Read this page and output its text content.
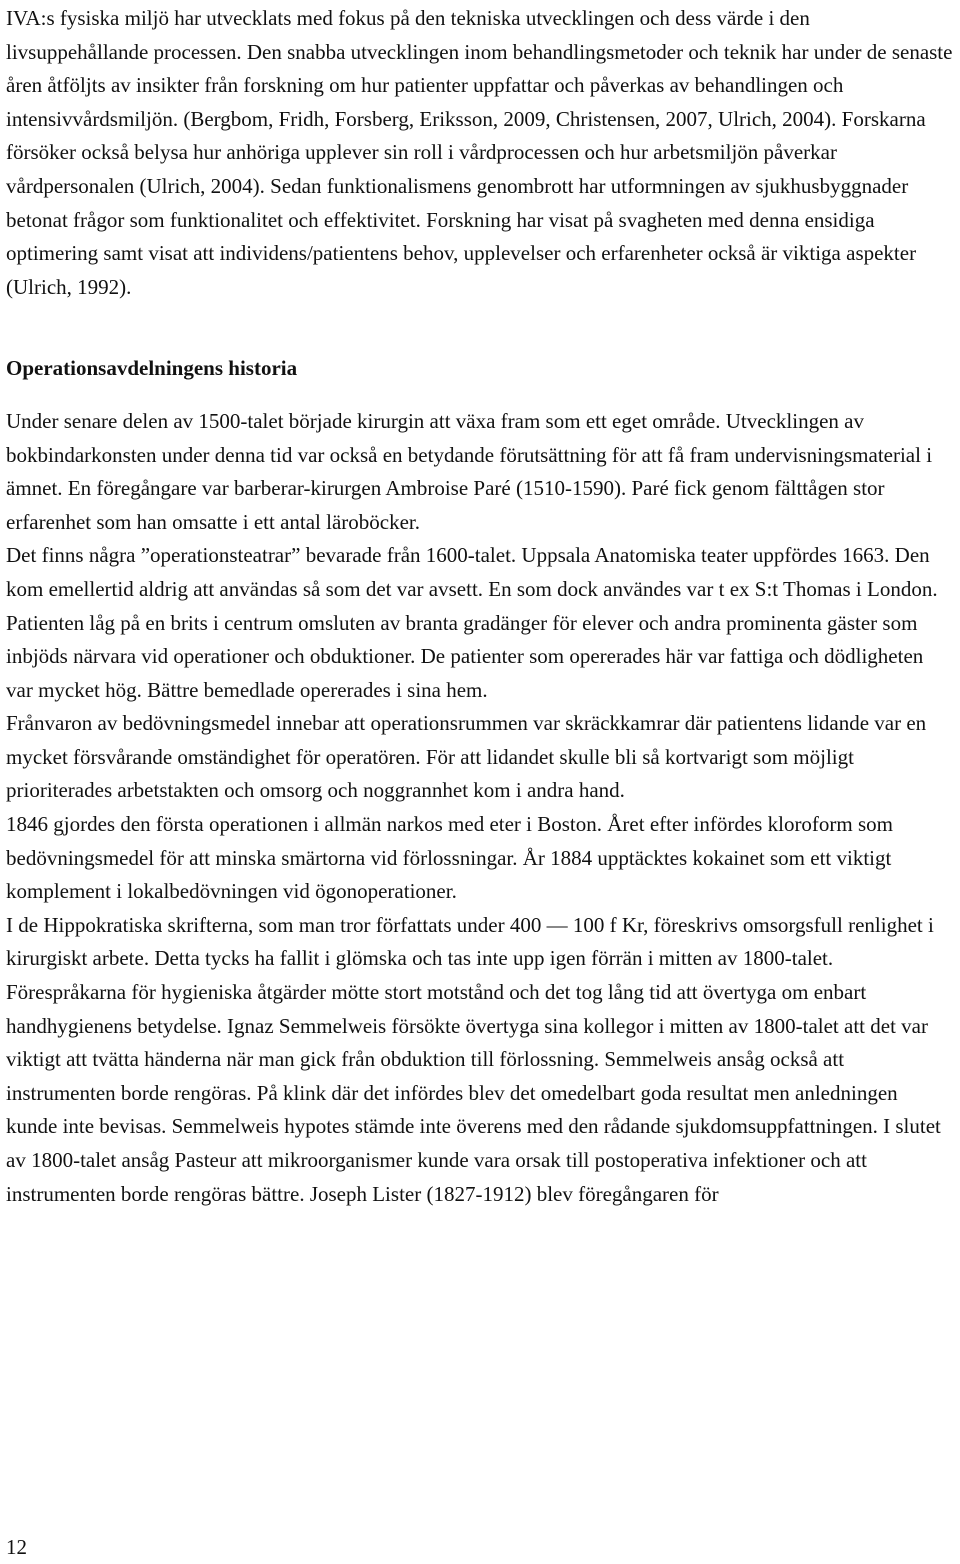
IVA:s fysiska miljö har utvecklats med fokus på den tekniska utvecklingen och dess värde i den livsuppehållande processen. Den snabba utvecklingen inom behandlingsmetoder och teknik har under de senaste åren åtföljts av insikter från forskning om hur patienter uppfattar och påverkas av behandlingen och intensivvårdsmiljön. (Bergbom, Fridh, Forsberg, Eriksson, 2009, Christensen, 2007, Ulrich, 2004). Forskarna försöker också belysa hur anhöriga upplever sin roll i vårdprocessen och hur arbetsmiljön påverkar vårdpersonalen (Ulrich, 2004). Sedan funktionalismens genombrott har utformningen av sjukhusbyggnader betonat frågor som funktionalitet och effektivitet. Forskning har visat på svagheten med denna ensidiga optimering samt visat att individens/patientens behov, upplevelser och erfarenheter också är viktiga aspekter (Ulrich, 1992).

Operationsavdelningens historia

Under senare delen av 1500-talet började kirurgin att växa fram som ett eget område. Utvecklingen av bokbindarkonsten under denna tid var också en betydande förutsättning för att få fram undervisningsmaterial i ämnet. En föregångare var barberar-kirurgen Ambroise Paré (1510-1590). Paré fick genom fälttågen stor erfarenhet som han omsatte i ett antal läroböcker.

Det finns några ”operationsteatrar” bevarade från 1600-talet. Uppsala Anatomiska teater uppfördes 1663. Den kom emellertid aldrig att användas så som det var avsett. En som dock användes var t ex S:t Thomas i London. Patienten låg på en brits i centrum omsluten av branta gradänger för elever och andra prominenta gäster som inbjöds närvara vid operationer och obduktioner. De patienter som opererades här var fattiga och dödligheten var mycket hög. Bättre bemedlade opererades i sina hem.

Frånvaron av bedövningsmedel innebar att operationsrummen var skräckkamrar där patientens lidande var en mycket försvårande omständighet för operatören. För att lidandet skulle bli så kortvarigt som möjligt prioriterades arbetstakten och omsorg och noggrannhet kom i andra hand.

1846 gjordes den första operationen i allmän narkos med eter i Boston. Året efter infördes kloroform som bedövningsmedel för att minska smärtorna vid förlossningar. År 1884 upptäcktes kokainet som ett viktigt komplement i lokalbedövningen vid ögonoperationer.

I de Hippokratiska skrifterna, som man tror författats under 400 — 100 f Kr, föreskrivs omsorgsfull renlighet i kirurgiskt arbete. Detta tycks ha fallit i glömska och tas inte upp igen förrän i mitten av 1800-talet.

Förespråkarna för hygieniska åtgärder mötte stort motstånd och det tog lång tid att övertyga om enbart handhygienens betydelse. Ignaz Semmelweis försökte övertyga sina kollegor i mitten av 1800-talet att det var viktigt att tvätta händerna när man gick från obduktion till förlossning. Semmelweis ansåg också att instrumenten borde rengöras. På klink där det infördes blev det omedelbart goda resultat men anledningen kunde inte bevisas. Semmelweis hypotes stämde inte överens med den rådande sjukdomsuppfattningen. I slutet av 1800-talet ansåg Pasteur att mikroorganismer kunde vara orsak till postoperativa infektioner och att instrumenten borde rengöras bättre. Joseph Lister (1827-1912) blev föregångaren för

12
